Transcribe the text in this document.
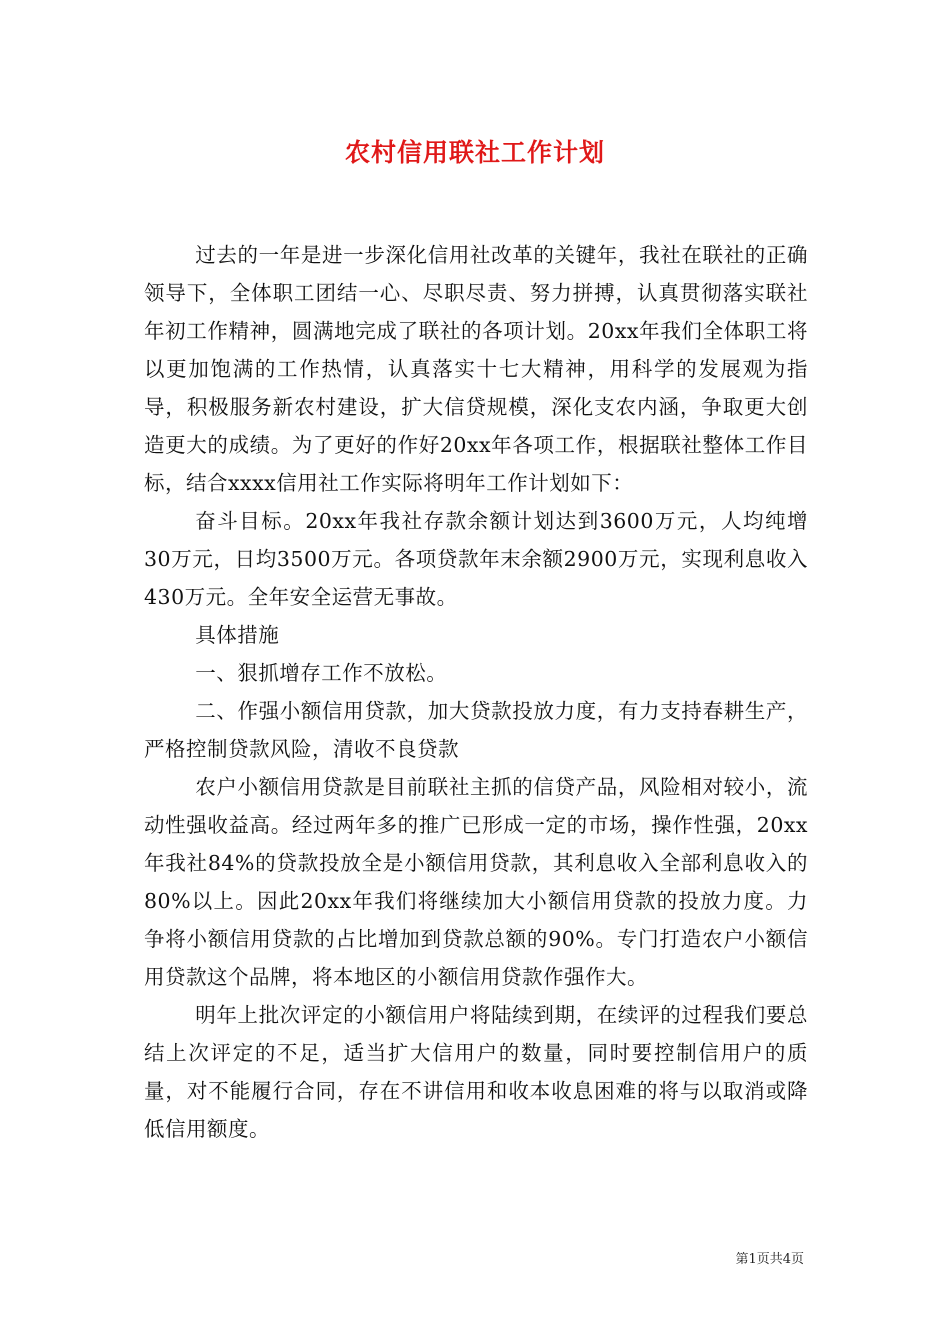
农村信用联社工作计划

过去的一年是进一步深化信用社改革的关键年，我社在联社的正确领导下，全体职工团结一心、尽职尽责、努力拼搏，认真贯彻落实联社年初工作精神，圆满地完成了联社的各项计划。20xx年我们全体职工将以更加饱满的工作热情，认真落实十七大精神，用科学的发展观为指导，积极服务新农村建设，扩大信贷规模，深化支农内涵，争取更大创造更大的成绩。为了更好的作好20xx年各项工作，根据联社整体工作目标，结合xxxx信用社工作实际将明年工作计划如下：

奋斗目标。20xx年我社存款余额计划达到3600万元，人均纯增30万元，日均3500万元。各项贷款年末余额2900万元，实现利息收入430万元。全年安全运营无事故。

具体措施

一、狠抓增存工作不放松。

二、作强小额信用贷款，加大贷款投放力度，有力支持春耕生产，严格控制贷款风险，清收不良贷款

农户小额信用贷款是目前联社主抓的信贷产品，风险相对较小，流动性强收益高。经过两年多的推广已形成一定的市场，操作性强，20xx年我社84%的贷款投放全是小额信用贷款，其利息收入全部利息收入的80%以上。因此20xx年我们将继续加大小额信用贷款的投放力度。力争将小额信用贷款的占比增加到贷款总额的90%。专门打造农户小额信用贷款这个品牌，将本地区的小额信用贷款作强作大。

明年上批次评定的小额信用户将陆续到期，在续评的过程我们要总结上次评定的不足，适当扩大信用户的数量，同时要控制信用户的质量，对不能履行合同，存在不讲信用和收本收息困难的将与以取消或降低信用额度。

第1页共4页
